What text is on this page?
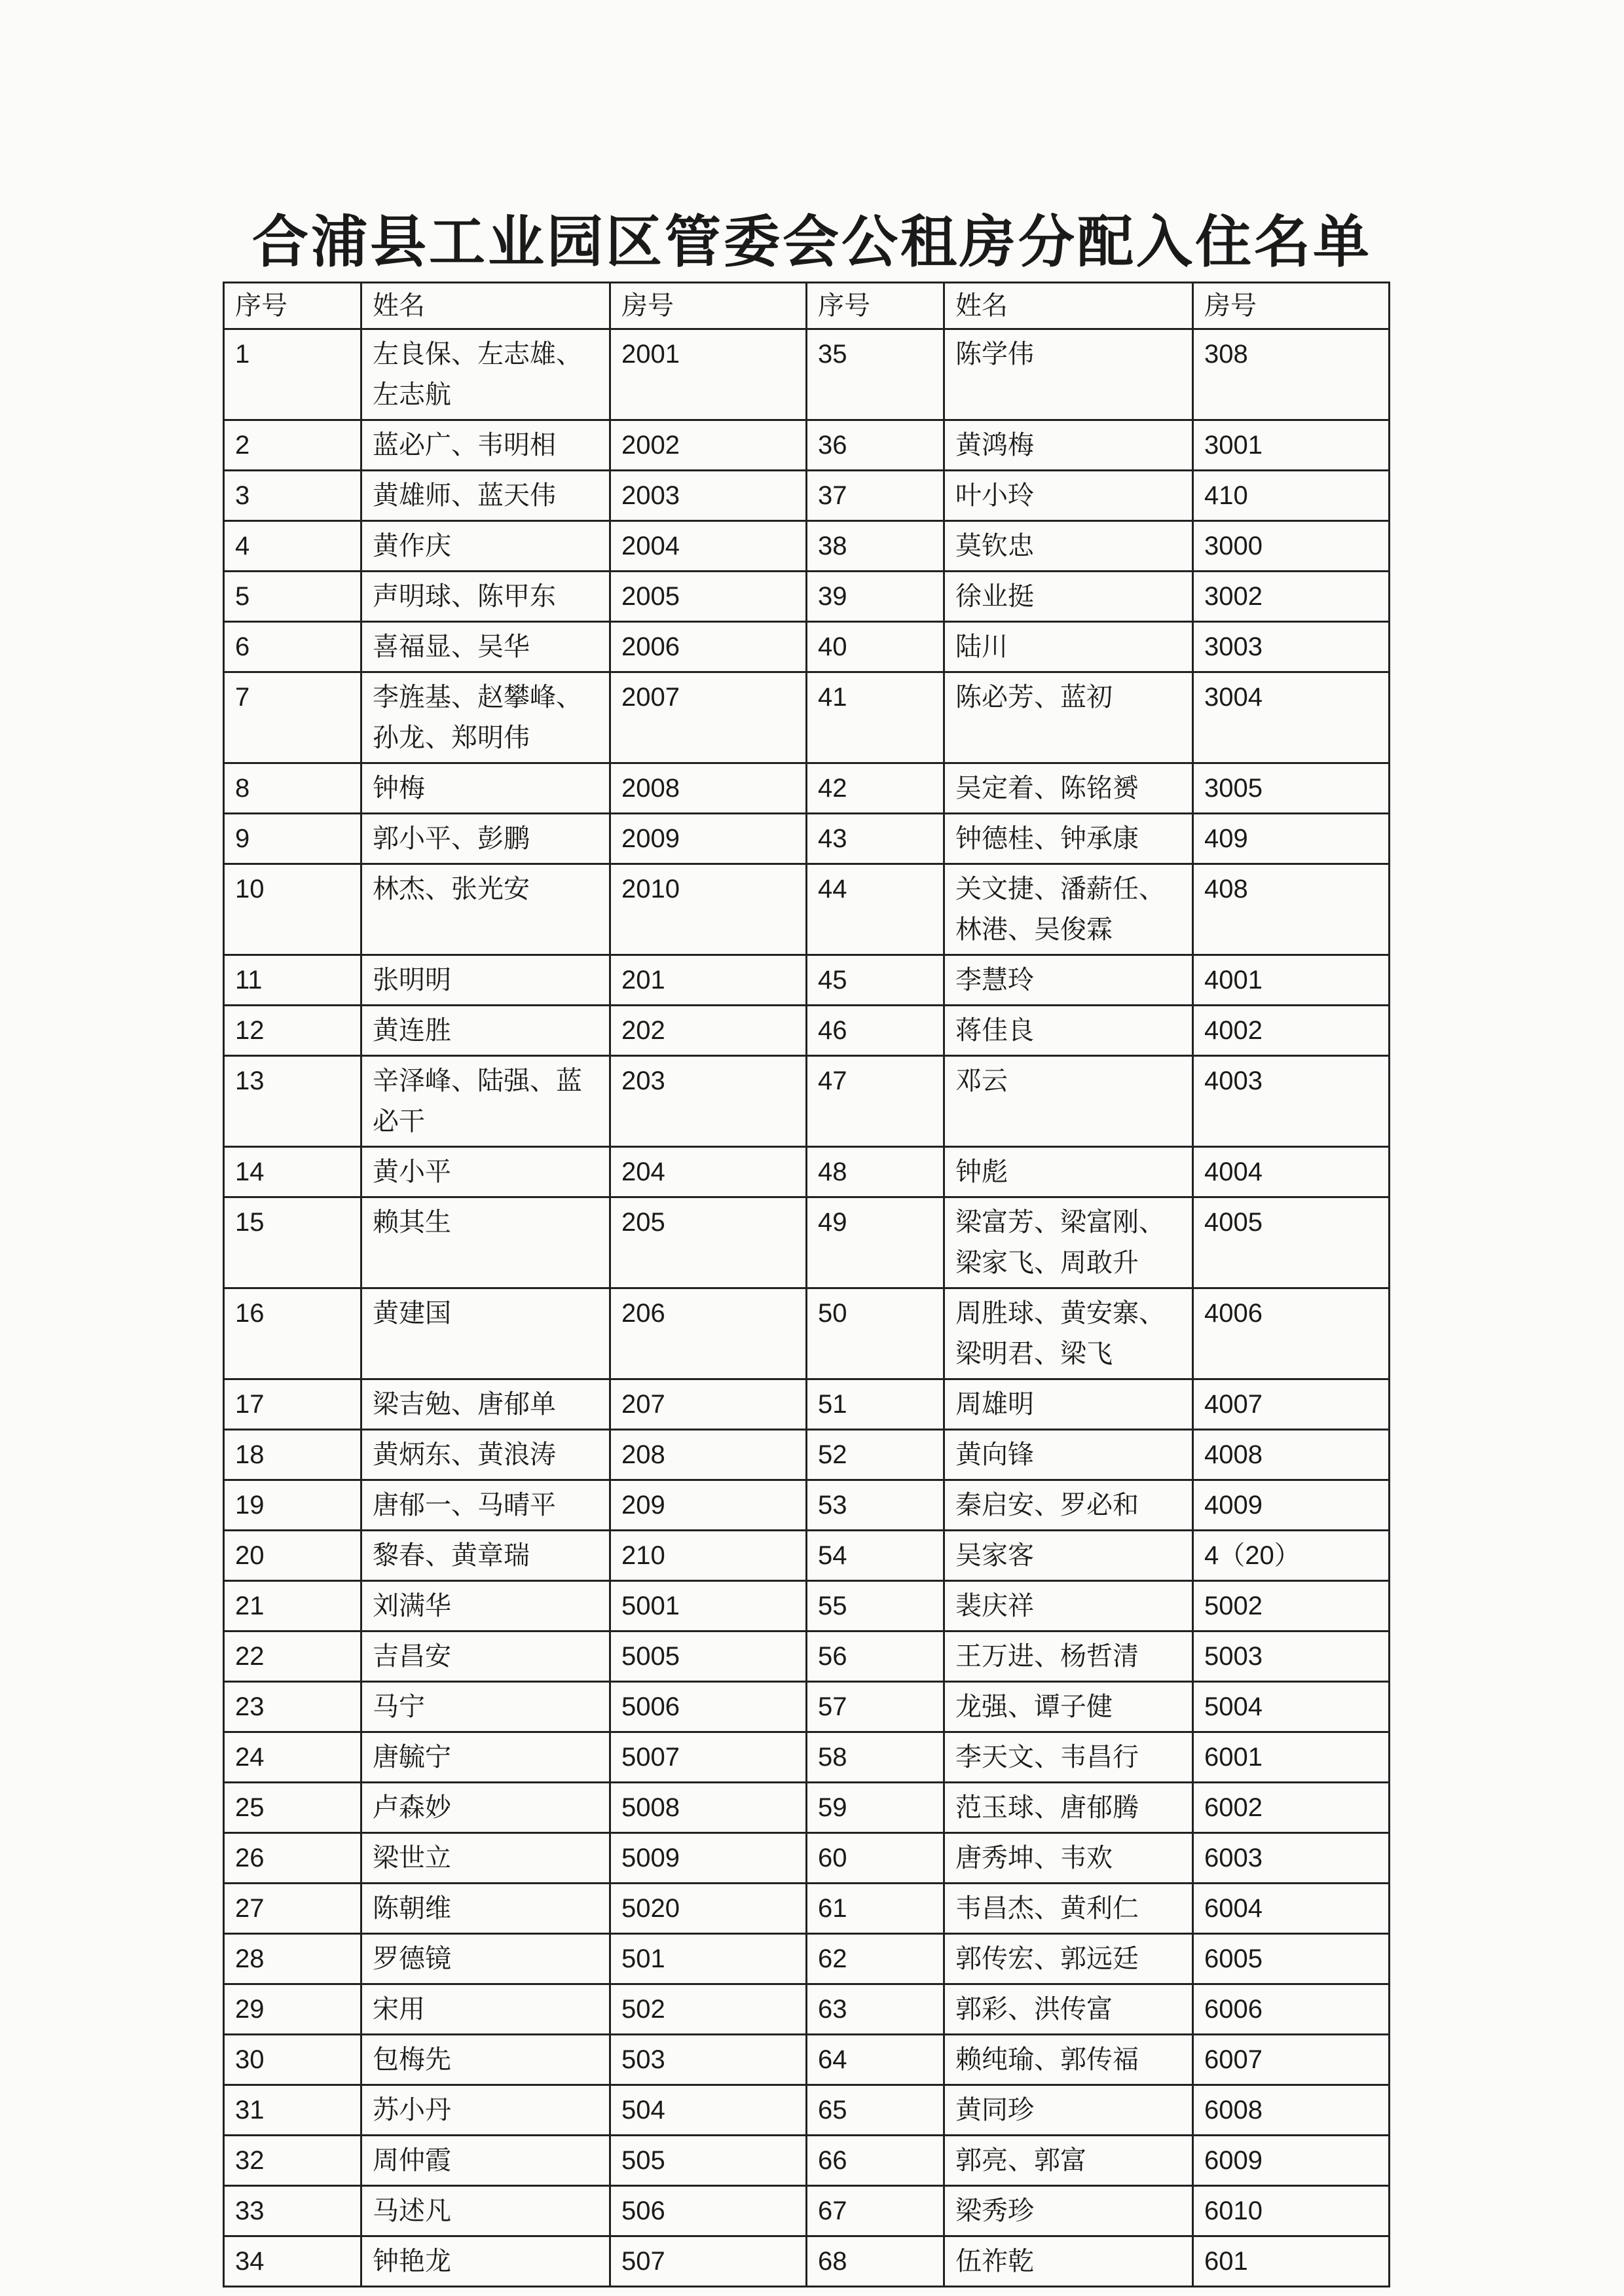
合浦县工业园区管委会公租房分配入住名单
序号	姓名	房号	序号	姓名	房号
1	左良保、左志雄、左志航	2001	35	陈学伟	308
2	蓝必广、韦明相	2002	36	黄鸿梅	3001
3	黄雄师、蓝天伟	2003	37	叶小玲	410
4	黄作庆	2004	38	莫钦忠	3000
5	声明球、陈甲东	2005	39	徐业挺	3002
6	喜福显、吴华	2006	40	陆川	3003
7	李旌基、赵攀峰、孙龙、郑明伟	2007	41	陈必芳、蓝初	3004
8	钟梅	2008	42	吴定着、陈铭赟	3005
9	郭小平、彭鹏	2009	43	钟德桂、钟承康	409
10	林杰、张光安	2010	44	关文捷、潘薪任、林港、吴俊霖	408
11	张明明	201	45	李慧玲	4001
12	黄连胜	202	46	蒋佳良	4002
13	辛泽峰、陆强、蓝必干	203	47	邓云	4003
14	黄小平	204	48	钟彪	4004
15	赖其生	205	49	梁富芳、梁富刚、梁家飞、周敢升	4005
16	黄建国	206	50	周胜球、黄安寨、梁明君、梁飞	4006
17	梁吉勉、唐郁单	207	51	周雄明	4007
18	黄炳东、黄浪涛	208	52	黄向锋	4008
19	唐郁一、马晴平	209	53	秦启安、罗必和	4009
20	黎春、黄章瑞	210	54	吴家客	4（20）
21	刘满华	5001	55	裴庆祥	5002
22	吉昌安	5005	56	王万进、杨哲清	5003
23	马宁	5006	57	龙强、谭子健	5004
24	唐毓宁	5007	58	李天文、韦昌行	6001
25	卢森妙	5008	59	范玉球、唐郁腾	6002
26	梁世立	5009	60	唐秀坤、韦欢	6003
27	陈朝维	5020	61	韦昌杰、黄利仁	6004
28	罗德镜	501	62	郭传宏、郭远廷	6005
29	宋用	502	63	郭彩、洪传富	6006
30	包梅先	503	64	赖纯瑜、郭传福	6007
31	苏小丹	504	65	黄同珍	6008
32	周仲霞	505	66	郭亮、郭富	6009
33	马述凡	506	67	梁秀珍	6010
34	钟艳龙	507	68	伍祚乾	601
